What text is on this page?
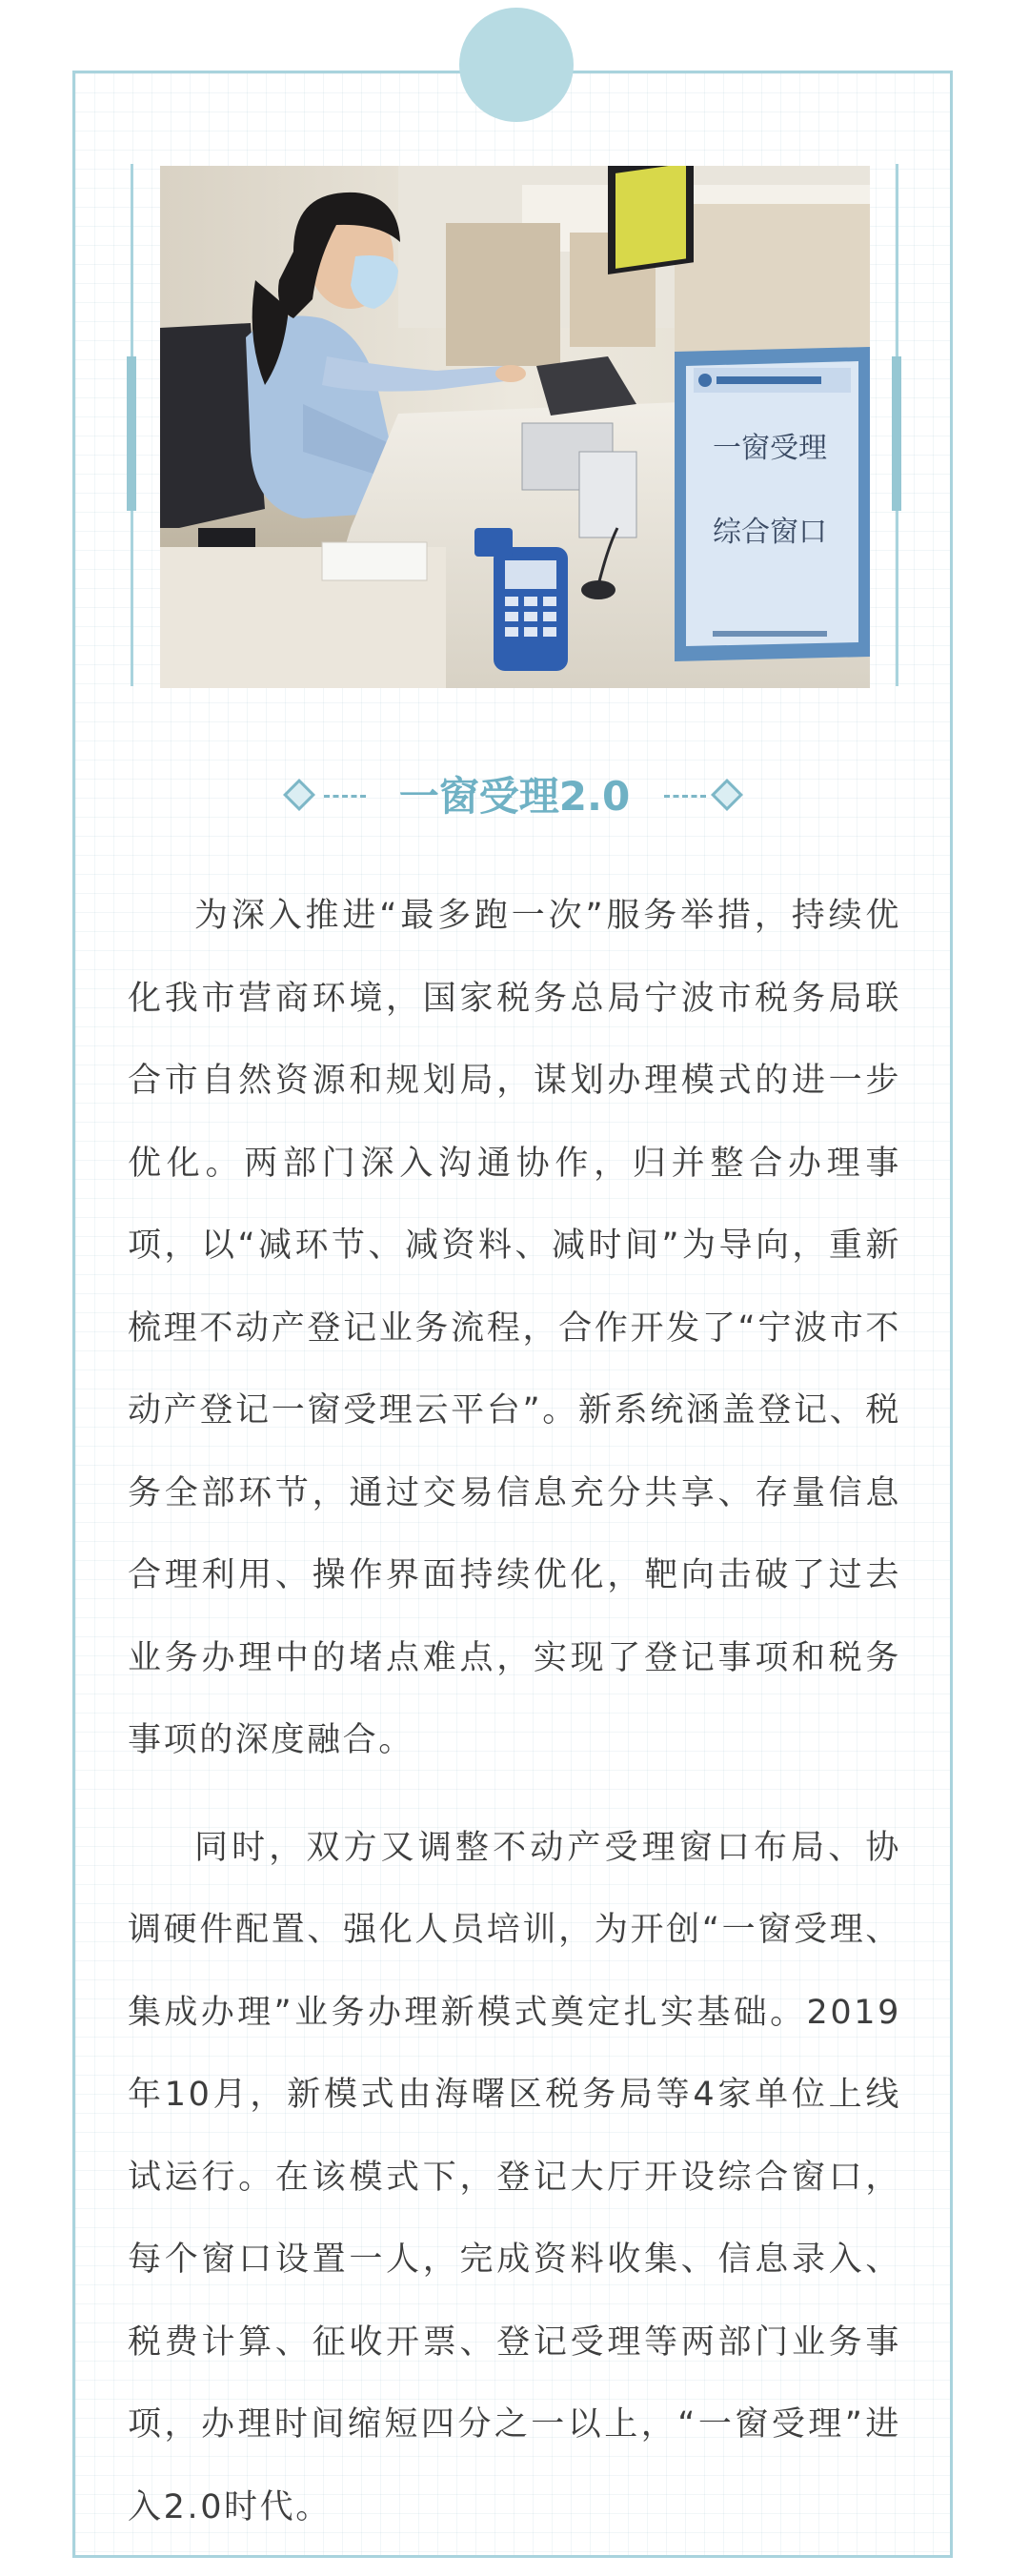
一窗受理
综合窗口
一窗受理2.0

为深入推进“最多跑一次”服务举措，持续优化我市营商环境，国家税务总局宁波市税务局联合市自然资源和规划局，谋划办理模式的进一步优化。两部门深入沟通协作，归并整合办理事项，以“减环节、减资料、减时间”为导向，重新梳理不动产登记业务流程，合作开发了“宁波市不动产登记一窗受理云平台”。新系统涵盖登记、税务全部环节，通过交易信息充分共享、存量信息合理利用、操作界面持续优化，靶向击破了过去业务办理中的堵点难点，实现了登记事项和税务事项的深度融合。

同时，双方又调整不动产受理窗口布局、协调硬件配置、强化人员培训，为开创“一窗受理、集成办理”业务办理新模式奠定扎实基础。2019年10月，新模式由海曙区税务局等4家单位上线试运行。在该模式下，登记大厅开设综合窗口，每个窗口设置一人，完成资料收集、信息录入、税费计算、征收开票、登记受理等两部门业务事项，办理时间缩短四分之一以上，“一窗受理”进入2.0时代。
